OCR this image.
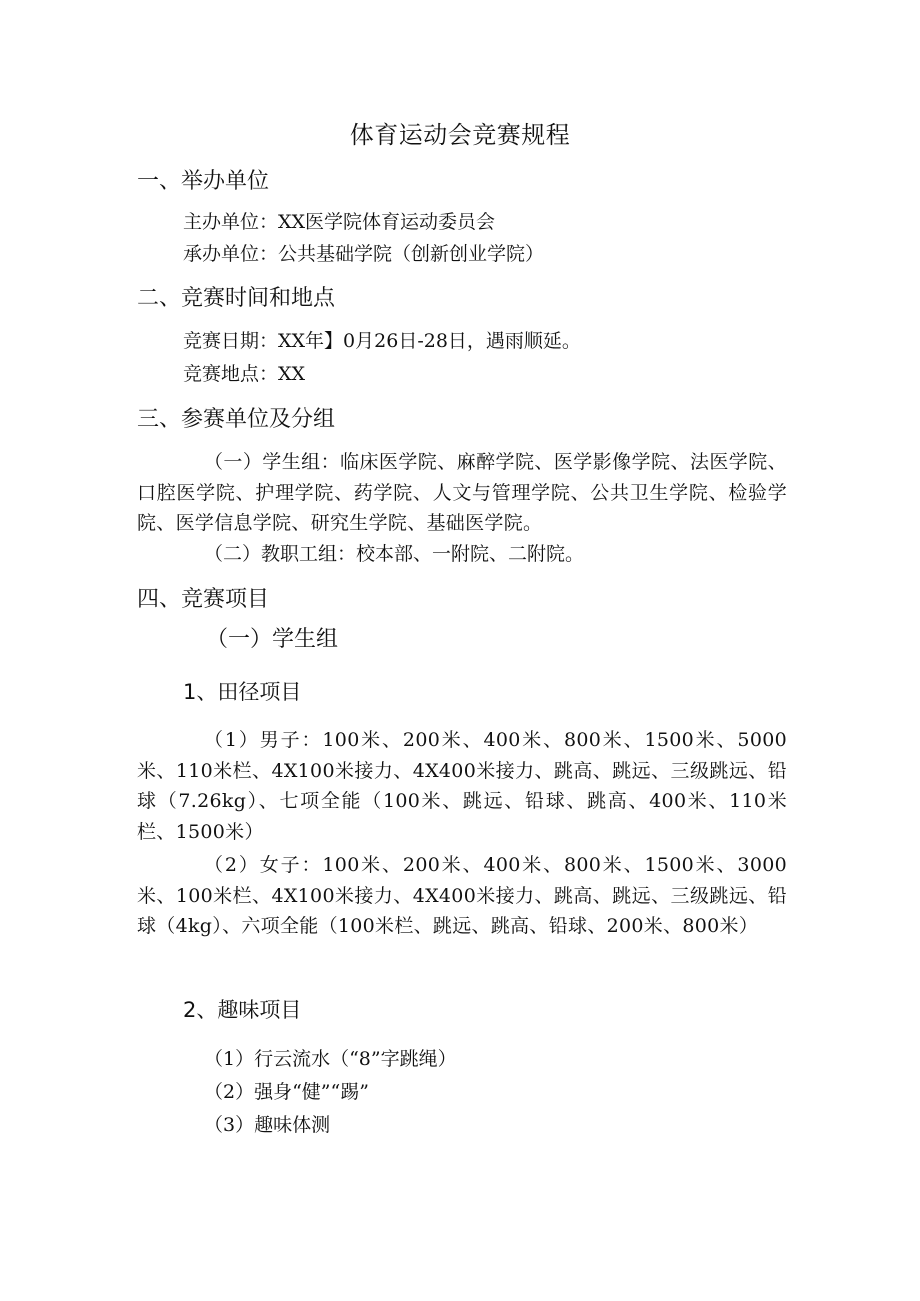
体育运动会竞赛规程
一、举办单位
主办单位：XX医学院体育运动委员会
承办单位：公共基础学院（创新创业学院）
二、竞赛时间和地点
竞赛日期：XX年】0月26日-28日，遇雨顺延。
竞赛地点：XX
三、参赛单位及分组
（一）学生组：临床医学院、麻醉学院、医学影像学院、法医学院、口腔医学院、护理学院、药学院、人文与管理学院、公共卫生学院、检验学院、医学信息学院、研究生学院、基础医学院。
（二）教职工组：校本部、一附院、二附院。
四、竞赛项目
（一）学生组
1、田径项目
（1）男子：100米、200米、400米、800米、1500米、5000米、110米栏、4X100米接力、4X400米接力、跳高、跳远、三级跳远、铅球（7.26kg）、七项全能（100米、跳远、铅球、跳高、400米、110米栏、1500米）
（2）女子：100米、200米、400米、800米、1500米、3000米、100米栏、4X100米接力、4X400米接力、跳高、跳远、三级跳远、铅球（4kg）、六项全能（100米栏、跳远、跳高、铅球、200米、800米）
2、趣味项目
（1）行云流水（“8”字跳绳）
（2）强身“健”“踢”
（3）趣味体测
